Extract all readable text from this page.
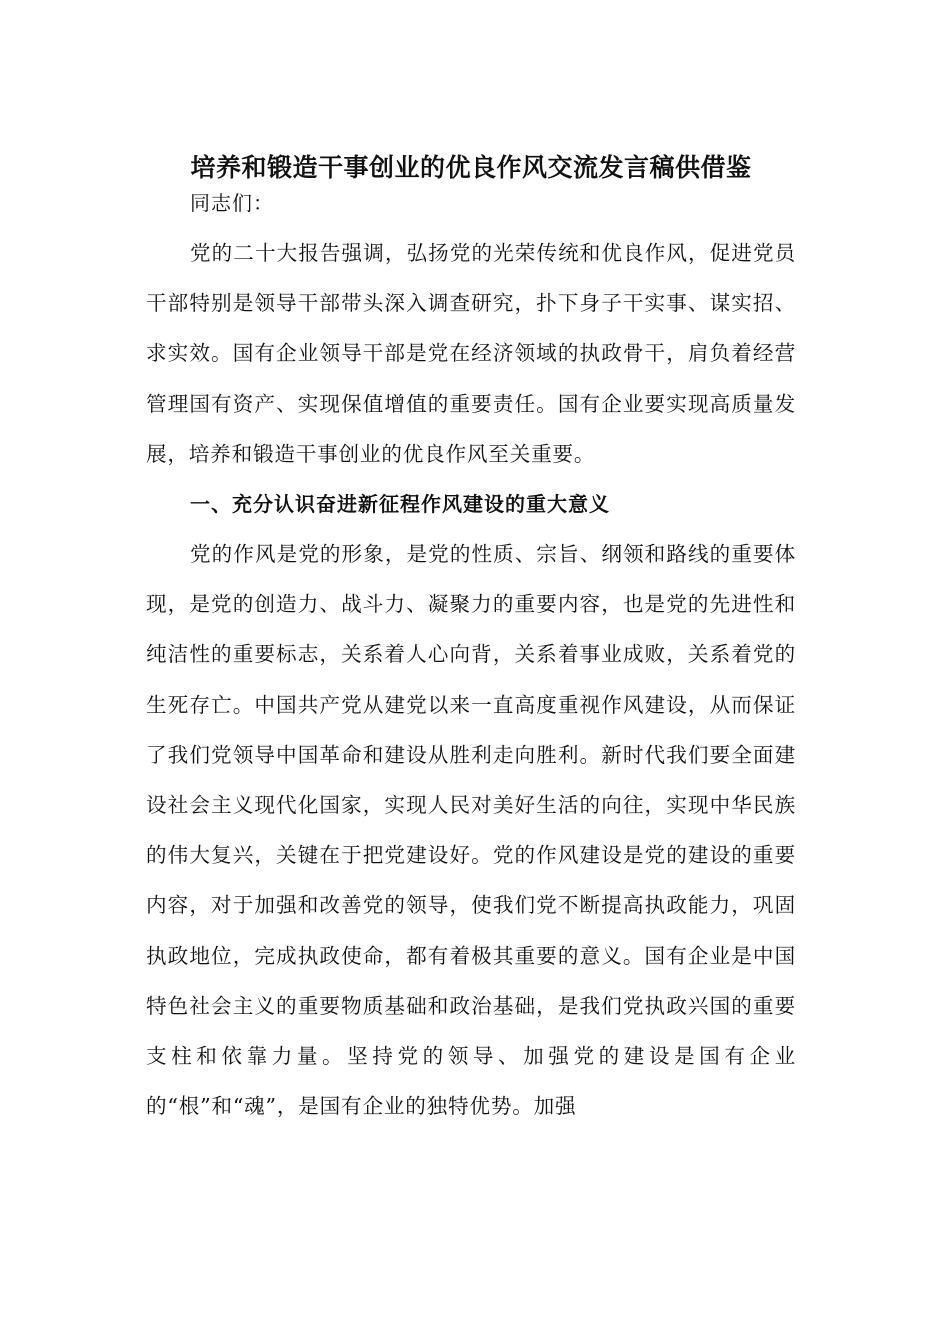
培养和锻造干事创业的优良作风交流发言稿供借鉴

同志们：

党的二十大报告强调，弘扬党的光荣传统和优良作风，促进党员干部特别是领导干部带头深入调查研究，扑下身子干实事、谋实招、求实效。国有企业领导干部是党在经济领域的执政骨干，肩负着经营管理国有资产、实现保值增值的重要责任。国有企业要实现高质量发展，培养和锻造干事创业的优良作风至关重要。

一、充分认识奋进新征程作风建设的重大意义

党的作风是党的形象，是党的性质、宗旨、纲领和路线的重要体现，是党的创造力、战斗力、凝聚力的重要内容，也是党的先进性和纯洁性的重要标志，关系着人心向背，关系着事业成败，关系着党的生死存亡。中国共产党从建党以来一直高度重视作风建设，从而保证了我们党领导中国革命和建设从胜利走向胜利。新时代我们要全面建设社会主义现代化国家，实现人民对美好生活的向往，实现中华民族的伟大复兴，关键在于把党建设好。党的作风建设是党的建设的重要内容，对于加强和改善党的领导，使我们党不断提高执政能力，巩固执政地位，完成执政使命，都有着极其重要的意义。国有企业是中国特色社会主义的重要物质基础和政治基础，是我们党执政兴国的重要支柱和依靠力量。坚持党的领导、加强党的建设是国有企业的“根”和“魂”，是国有企业的独特优势。加强
